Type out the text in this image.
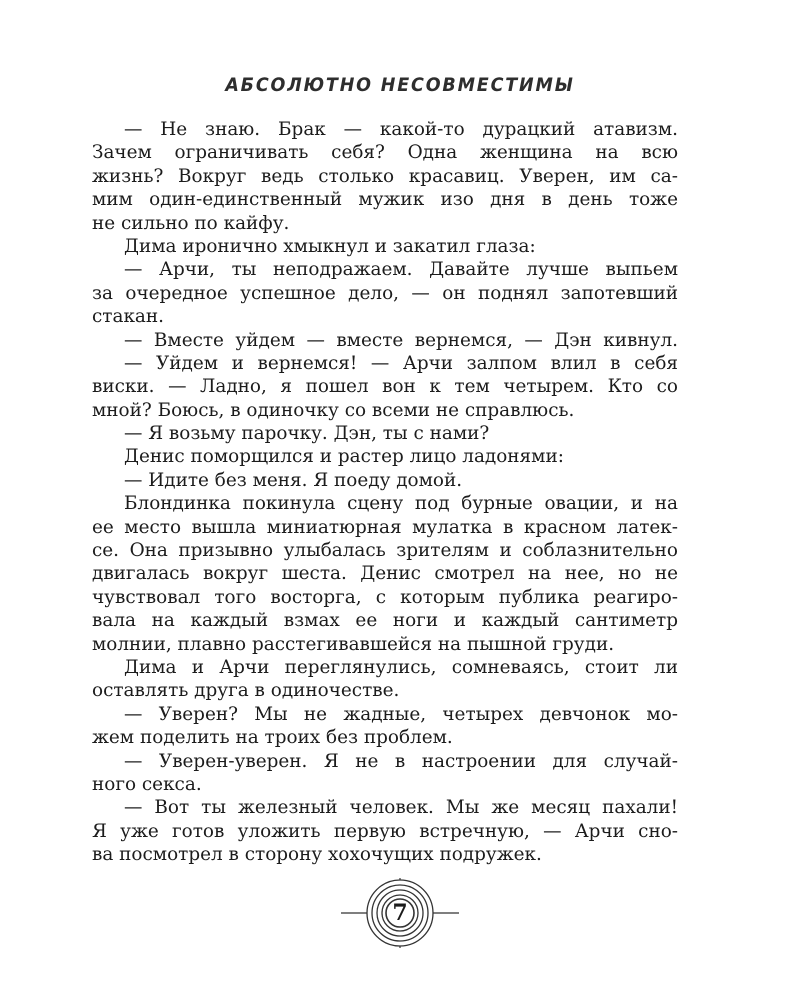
АБСОЛЮТНО НЕСОВМЕСТИМЫ
— Не знаю. Брак — какой-то дурацкий атавизм.
Зачем ограничивать себя? Одна женщина на всю
жизнь? Вокруг ведь столько красавиц. Уверен, им са-
мим один-единственный мужик изо дня в день тоже
не сильно по кайфу.
Дима иронично хмыкнул и закатил глаза:
— Арчи, ты неподражаем. Давайте лучше выпьем
за очередное успешное дело, — он поднял запотевший
стакан.
— Вместе уйдем — вместе вернемся, — Дэн кивнул.
— Уйдем и вернемся! — Арчи залпом влил в себя
виски. — Ладно, я пошел вон к тем четырем. Кто со
мной? Боюсь, в одиночку со всеми не справлюсь.
— Я возьму парочку. Дэн, ты с нами?
Денис поморщился и растер лицо ладонями:
— Идите без меня. Я поеду домой.
Блондинка покинула сцену под бурные овации, и на
ее место вышла миниатюрная мулатка в красном латек-
се. Она призывно улыбалась зрителям и соблазнительно
двигалась вокруг шеста. Денис смотрел на нее, но не
чувствовал того восторга, с которым публика реагиро-
вала на каждый взмах ее ноги и каждый сантиметр
молнии, плавно расстегивавшейся на пышной груди.
Дима и Арчи переглянулись, сомневаясь, стоит ли
оставлять друга в одиночестве.
— Уверен? Мы не жадные, четырех девчонок мо-
жем поделить на троих без проблем.
— Уверен-уверен. Я не в настроении для случай-
ного секса.
— Вот ты железный человек. Мы же месяц пахали!
Я уже готов уложить первую встречную, — Арчи сно-
ва посмотрел в сторону хохочущих подружек.
7
